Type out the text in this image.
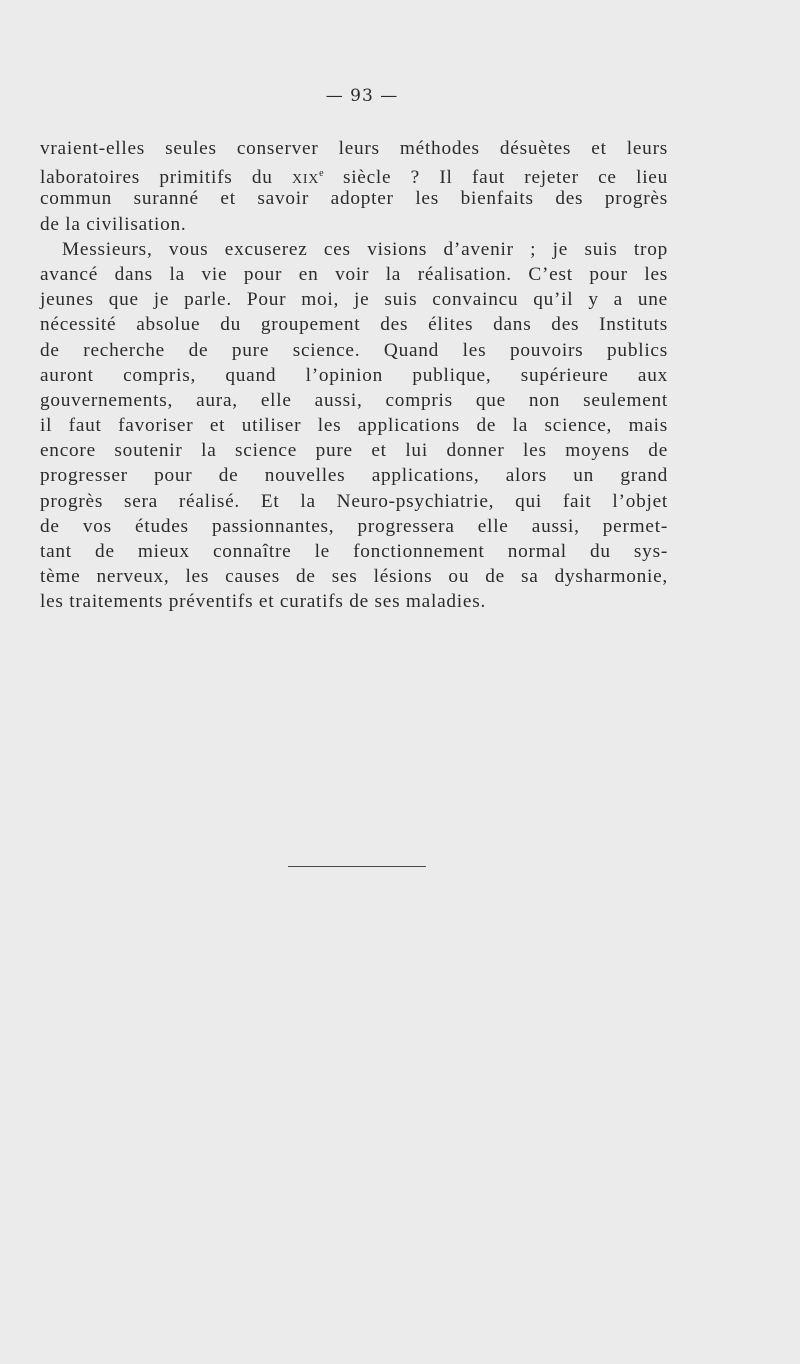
— 93 —
vraient-elles seules conserver leurs méthodes désuètes et leurs
laboratoires primitifs du xix$^e$ siècle ? Il faut rejeter ce lieu
commun suranné et savoir adopter les bienfaits des progrès
de la civilisation.
Messieurs, vous excuserez ces visions d’avenir ; je suis trop
avancé dans la vie pour en voir la réalisation. C’est pour les
jeunes que je parle. Pour moi, je suis convaincu qu’il y a une
nécessité absolue du groupement des élites dans des Instituts
de recherche de pure science. Quand les pouvoirs publics
auront compris, quand l’opinion publique, supérieure aux
gouvernements, aura, elle aussi, compris que non seulement
il faut favoriser et utiliser les applications de la science, mais
encore soutenir la science pure et lui donner les moyens de
progresser pour de nouvelles applications, alors un grand
progrès sera réalisé. Et la Neuro-psychiatrie, qui fait l’objet
de vos études passionnantes, progressera elle aussi, permet-
tant de mieux connaître le fonctionnement normal du sys-
tème nerveux, les causes de ses lésions ou de sa dysharmonie,
les traitements préventifs et curatifs de ses maladies.
